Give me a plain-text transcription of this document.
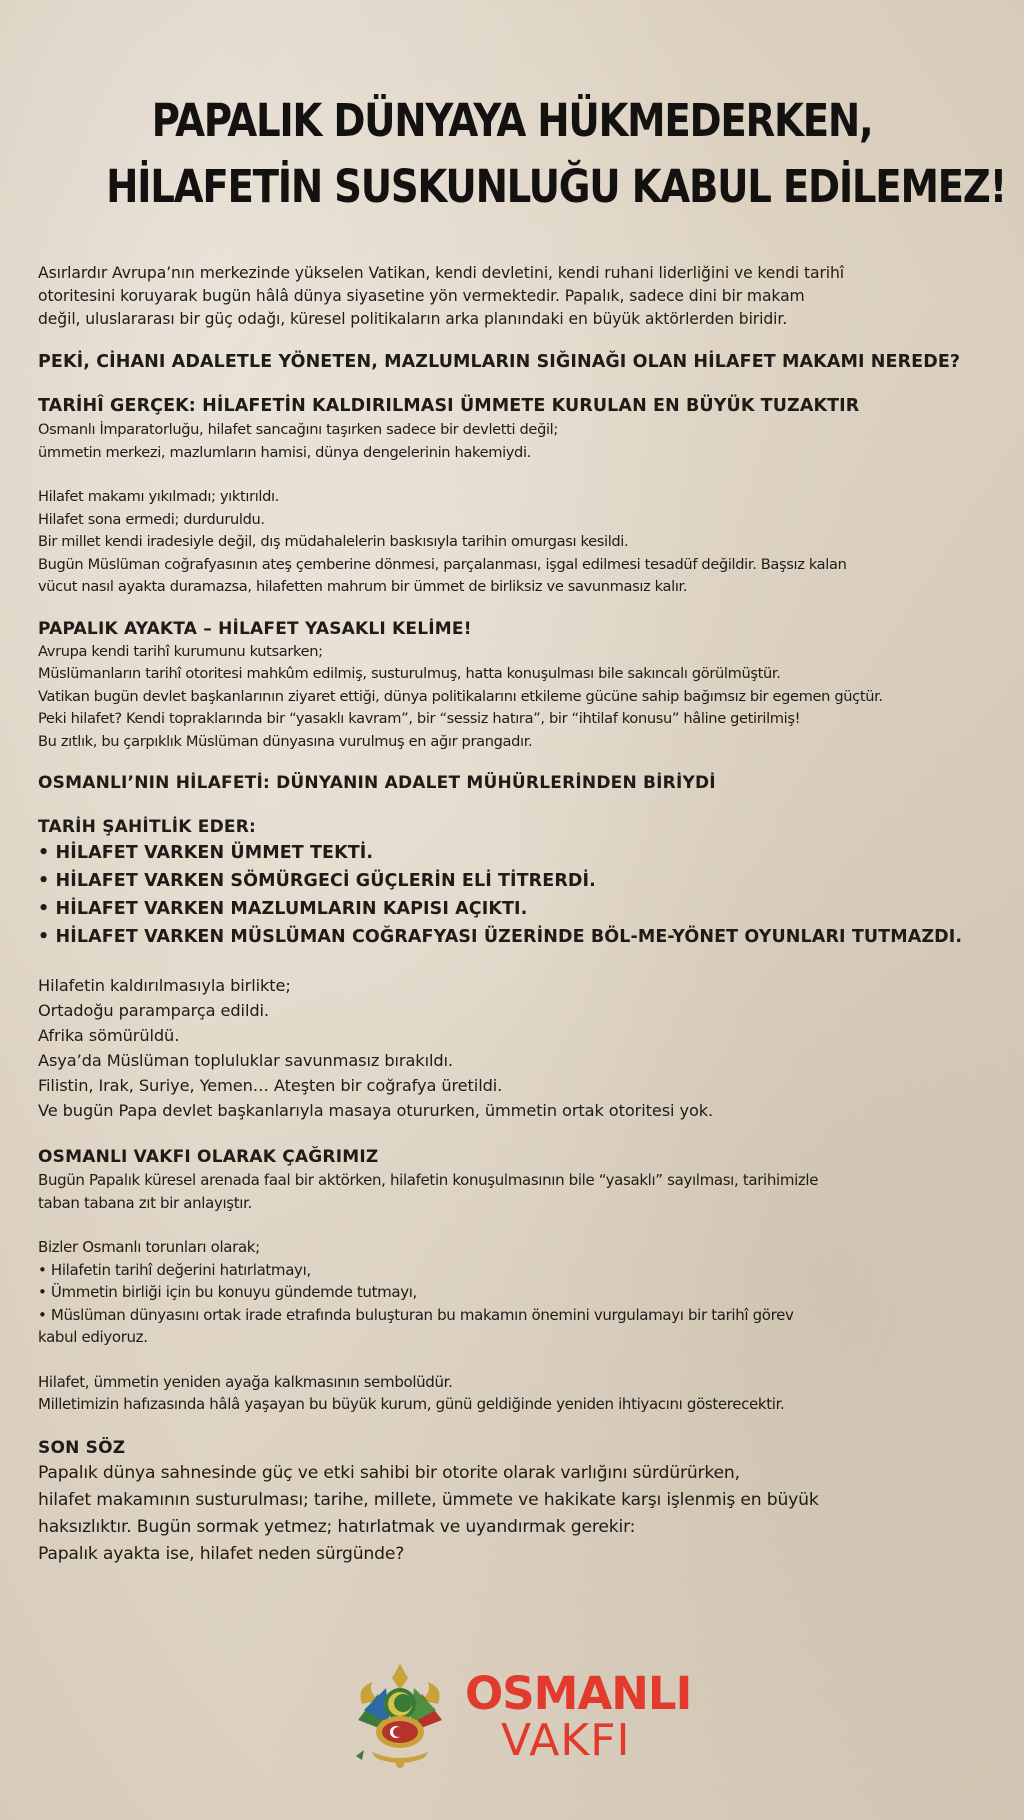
PAPALIK DÜNYAYA HÜKMEDERKEN,
HİLAFETİN SUSKUNLUĞU KABUL EDİLEMEZ!
Asırlardır Avrupa’nın merkezinde yükselen Vatikan, kendi devletini, kendi ruhani liderliğini ve kendi tarihî
otoritesini koruyarak bugün hâlâ dünya siyasetine yön vermektedir. Papalık, sadece dini bir makam
değil, uluslararası bir güç odağı, küresel politikaların arka planındaki en büyük aktörlerden biridir.
PEKİ, CİHANI ADALETLE YÖNETEN, MAZLUMLARIN SIĞINAĞI OLAN HİLAFET MAKAMI NEREDE?
TARİHÎ GERÇEK: HİLAFETİN KALDIRILMASI ÜMMETE KURULAN EN BÜYÜK TUZAKTIR
Osmanlı İmparatorluğu, hilafet sancağını taşırken sadece bir devletti değil;
ümmetin merkezi, mazlumların hamisi, dünya dengelerinin hakemiydi.
Hilafet makamı yıkılmadı; yıktırıldı.
Hilafet sona ermedi; durduruldu.
Bir millet kendi iradesiyle değil, dış müdahalelerin baskısıyla tarihin omurgası kesildi.
Bugün Müslüman coğrafyasının ateş çemberine dönmesi, parçalanması, işgal edilmesi tesadüf değildir. Başsız kalan
vücut nasıl ayakta duramazsa, hilafetten mahrum bir ümmet de birliksiz ve savunmasız kalır.
PAPALIK AYAKTA – HİLAFET YASAKLI KELİME!
Avrupa kendi tarihî kurumunu kutsarken;
Müslümanların tarihî otoritesi mahkûm edilmiş, susturulmuş, hatta konuşulması bile sakıncalı görülmüştür.
Vatikan bugün devlet başkanlarının ziyaret ettiği, dünya politikalarını etkileme gücüne sahip bağımsız bir egemen güçtür.
Peki hilafet? Kendi topraklarında bir “yasaklı kavram”, bir “sessiz hatıra”, bir “ihtilaf konusu” hâline getirilmiş!
Bu zıtlık, bu çarpıklık Müslüman dünyasına vurulmuş en ağır prangadır.
OSMANLI’NIN HİLAFETİ: DÜNYANIN ADALET MÜHÜRLERİNDEN BİRİYDİ
TARİH ŞAHİTLİK EDER:
• HİLAFET VARKEN ÜMMET TEKTİ.
• HİLAFET VARKEN SÖMÜRGECİ GÜÇLERİN ELİ TİTRERDİ.
• HİLAFET VARKEN MAZLUMLARIN KAPISI AÇIKTI.
• HİLAFET VARKEN MÜSLÜMAN COĞRAFYASI ÜZERİNDE BÖL-ME-YÖNET OYUNLARI TUTMAZDI.
Hilafetin kaldırılmasıyla birlikte;
Ortadoğu paramparça edildi.
Afrika sömürüldü.
Asya’da Müslüman topluluklar savunmasız bırakıldı.
Filistin, Irak, Suriye, Yemen… Ateşten bir coğrafya üretildi.
Ve bugün Papa devlet başkanlarıyla masaya otururken, ümmetin ortak otoritesi yok.
OSMANLI VAKFI OLARAK ÇAĞRIMIZ
Bugün Papalık küresel arenada faal bir aktörken, hilafetin konuşulmasının bile “yasaklı” sayılması, tarihimizle
taban tabana zıt bir anlayıştır.
Bizler Osmanlı torunları olarak;
• Hilafetin tarihî değerini hatırlatmayı,
• Ümmetin birliği için bu konuyu gündemde tutmayı,
• Müslüman dünyasını ortak irade etrafında buluşturan bu makamın önemini vurgulamayı bir tarihî görev
kabul ediyoruz.
Hilafet, ümmetin yeniden ayağa kalkmasının sembolüdür.
Milletimizin hafızasında hâlâ yaşayan bu büyük kurum, günü geldiğinde yeniden ihtiyacını gösterecektir.
SON SÖZ
Papalık dünya sahnesinde güç ve etki sahibi bir otorite olarak varlığını sürdürürken,
hilafet makamının susturulması; tarihe, millete, ümmete ve hakikate karşı işlenmiş en büyük
haksızlıktır. Bugün sormak yetmez; hatırlatmak ve uyandırmak gerekir:
Papalık ayakta ise, hilafet neden sürgünde?
OSMANLI
VAKFI
